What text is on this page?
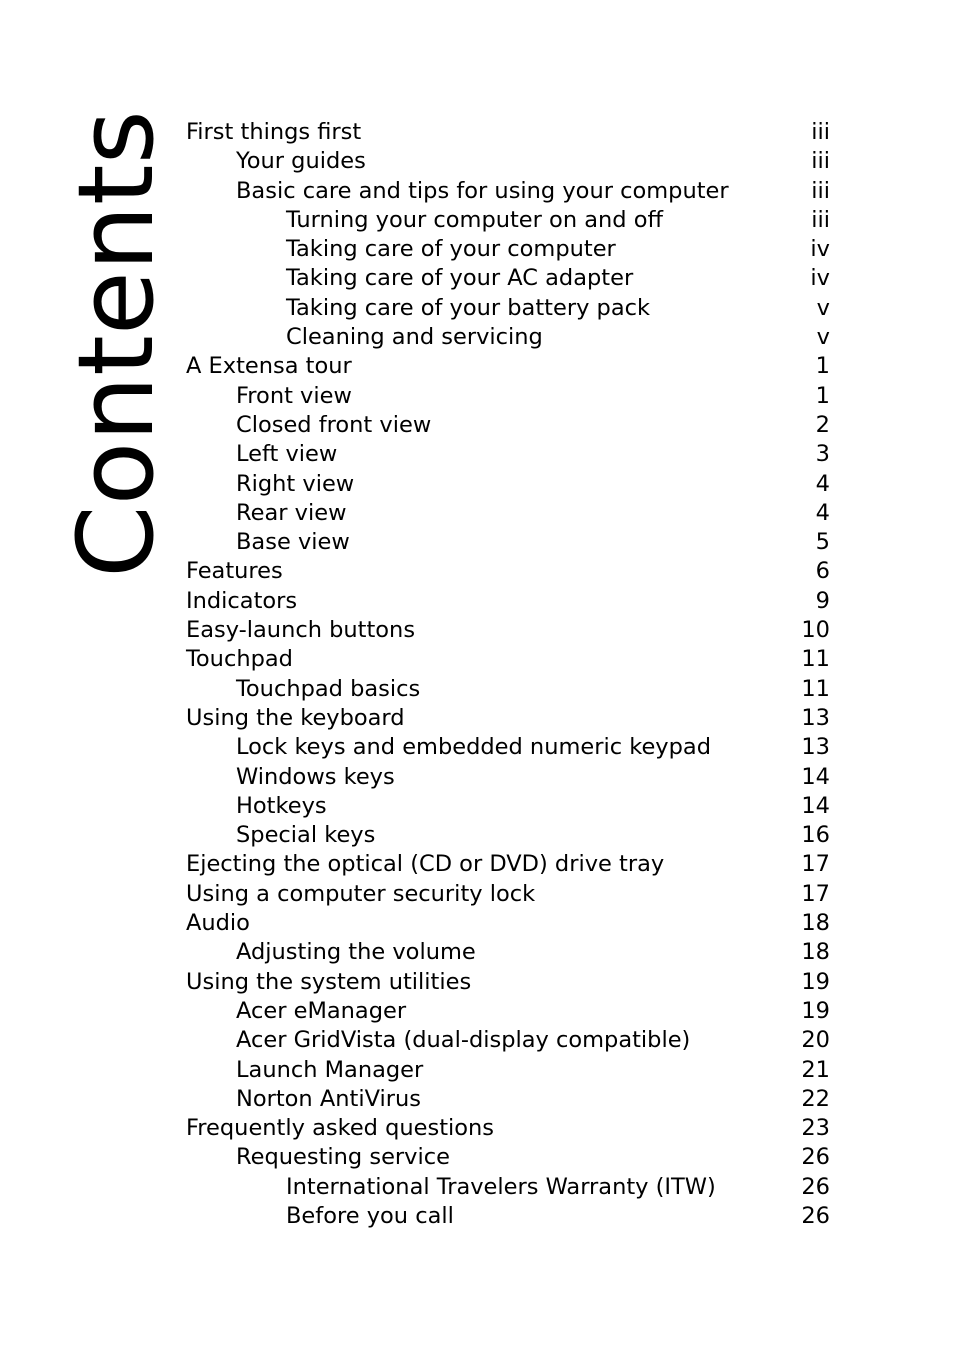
Contents First things first	iii
Your guides	iii
Basic care and tips for using your computer	iii
Turning your computer on and off	iii
Taking care of your computer	iv
Taking care of your AC adapter	iv
Taking care of your battery pack	v
Cleaning and servicing	v
A Extensa tour	1
Front view	1
Closed front view	2
Left view	3
Right view	4
Rear view	4
Base view	5
Features	6
Indicators	9
Easy-launch buttons	10
Touchpad	11
Touchpad basics	11
Using the keyboard	13
Lock keys and embedded numeric keypad	13
Windows keys	14
Hotkeys	14
Special keys	16
Ejecting the optical (CD or DVD) drive tray	17
Using a computer security lock	17
Audio	18
Adjusting the volume	18
Using the system utilities	19
Acer eManager	19
Acer GridVista (dual-display compatible)	20
Launch Manager	21
Norton AntiVirus	22
Frequently asked questions	23
Requesting service	26
International Travelers Warranty (ITW)	26
Before you call	26
